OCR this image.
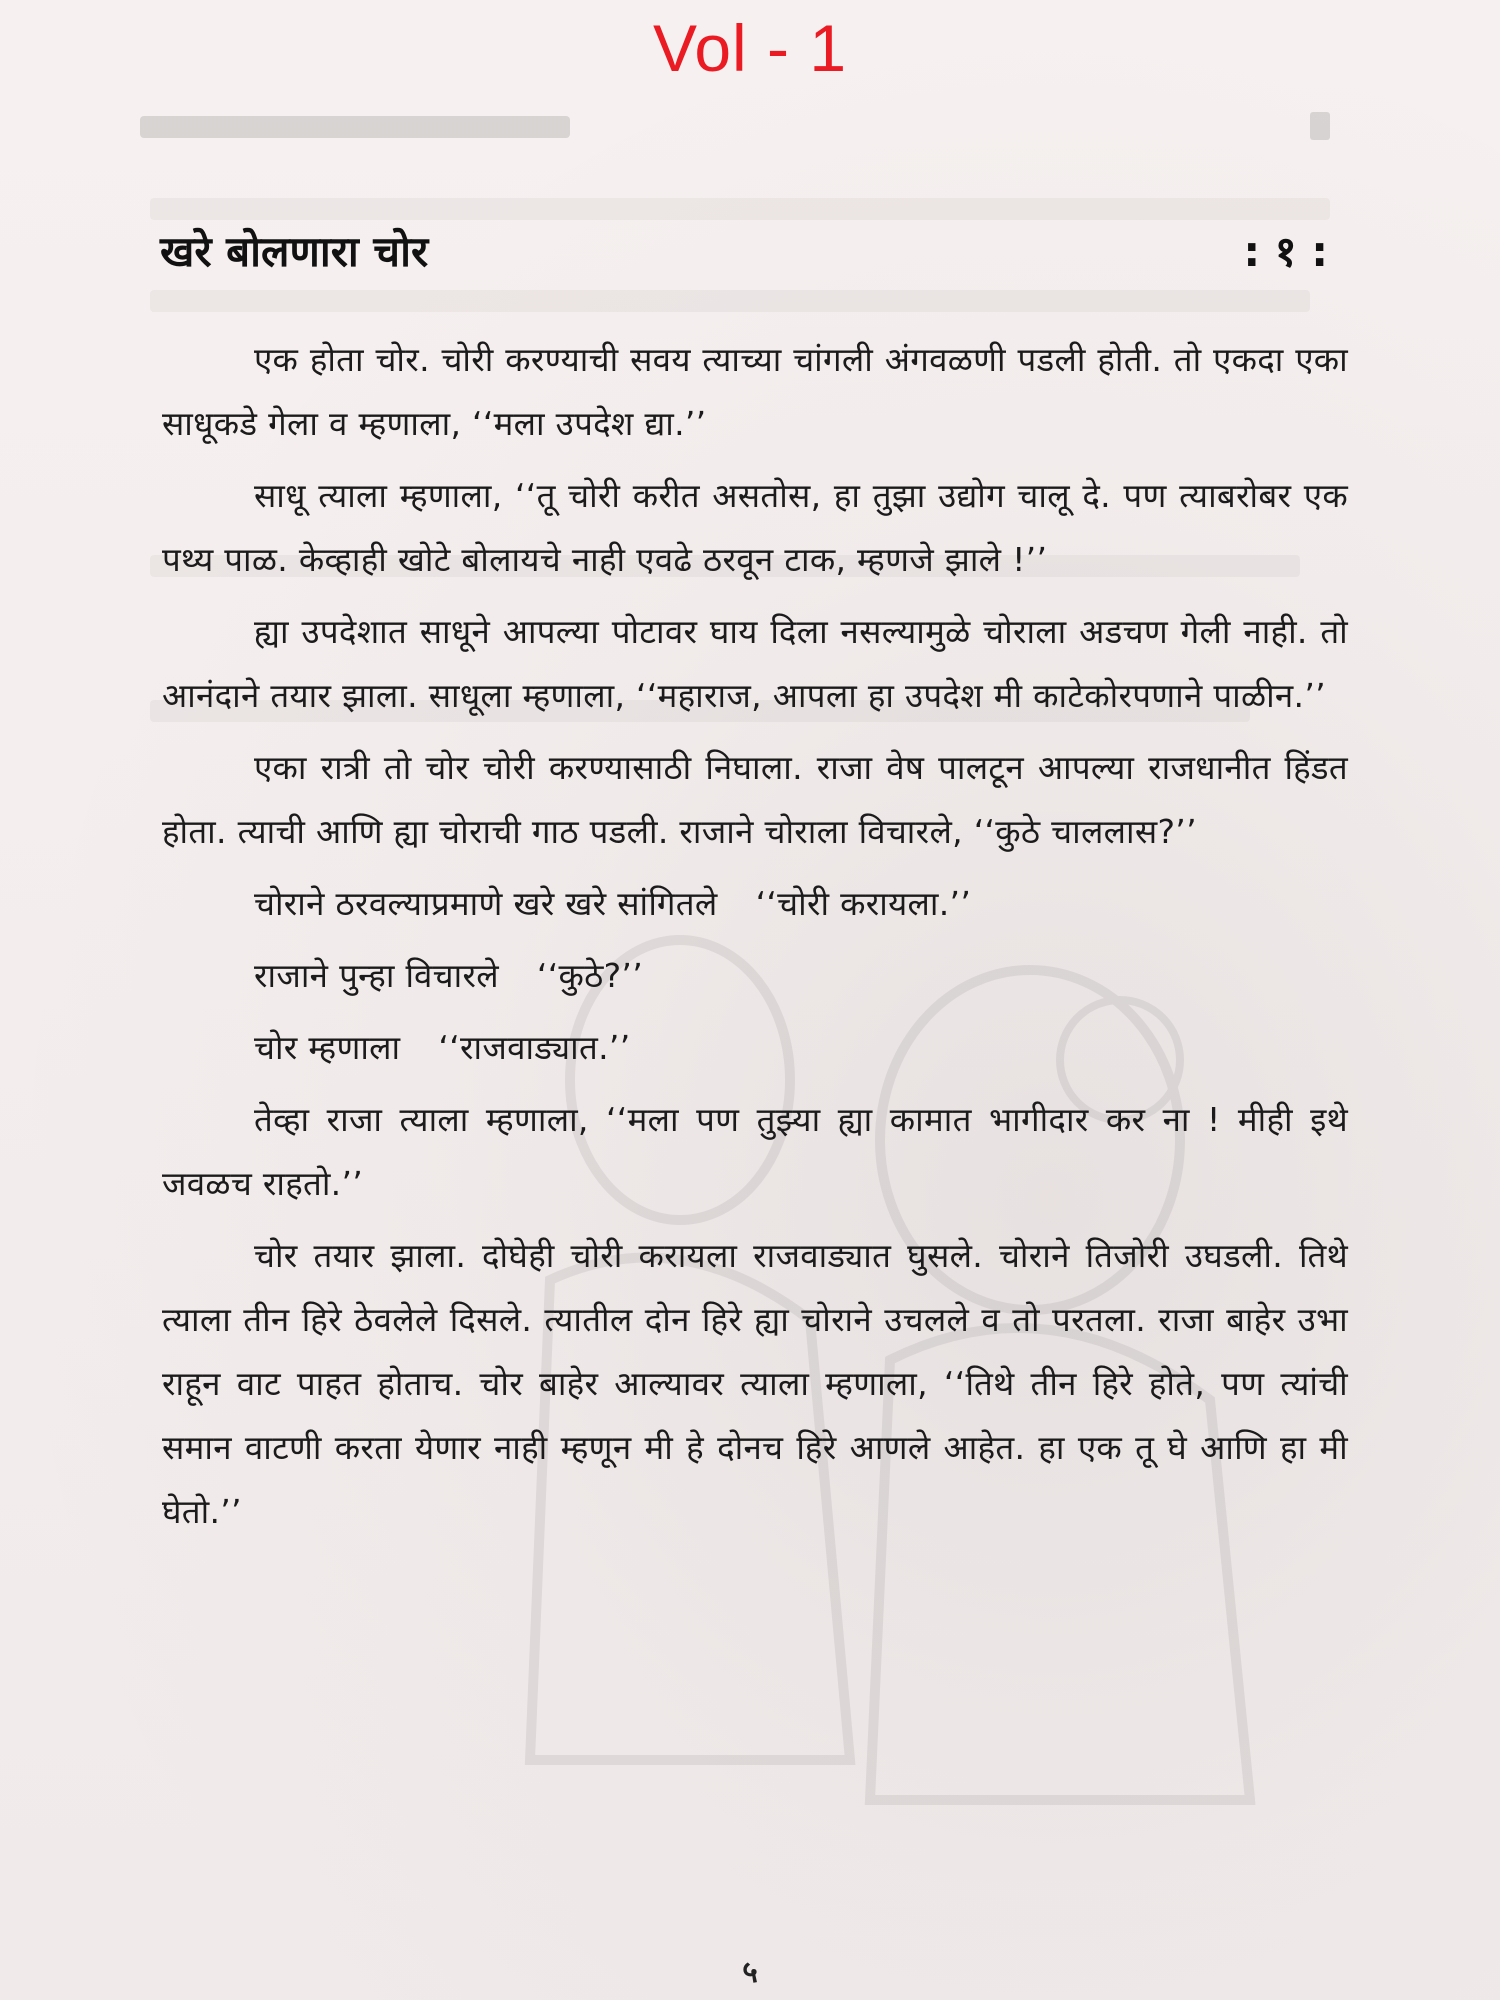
Vol - 1
खरे बोलणारा चोर	: १ :

एक होता चोर. चोरी करण्याची सवय त्याच्या चांगली अंगवळणी पडली होती. तो एकदा एका साधूकडे गेला व म्हणाला, ‘‘मला उपदेश द्या.’’

साधू त्याला म्हणाला, ‘‘तू चोरी करीत असतोस, हा तुझा उद्योग चालू दे. पण त्याबरोबर एक पथ्य पाळ. केव्हाही खोटे बोलायचे नाही एवढे ठरवून टाक, म्हणजे झाले !’’

ह्या उपदेशात साधूने आपल्या पोटावर घाय दिला नसल्यामुळे चोराला अडचण गेली नाही. तो आनंदाने तयार झाला. साधूला म्हणाला, ‘‘महाराज, आपला हा उपदेश मी काटेकोरपणाने पाळीन.’’

एका रात्री तो चोर चोरी करण्यासाठी निघाला. राजा वेष पालटून आपल्या राजधानीत हिंडत होता. त्याची आणि ह्या चोराची गाठ पडली. राजाने चोराला विचारले, ‘‘कुठे चाललास?’’

चोराने ठरवल्याप्रमाणे खरे खरे सांगितले ‘‘चोरी करायला.’’
राजाने पुन्हा विचारले ‘‘कुठे?’’
चोर म्हणाला ‘‘राजवाड्यात.’’

तेव्हा राजा त्याला म्हणाला, ‘‘मला पण तुझ्या ह्या कामात भागीदार कर ना ! मीही इथे जवळच राहतो.’’

चोर तयार झाला. दोघेही चोरी करायला राजवाड्यात घुसले. चोराने तिजोरी उघडली. तिथे त्याला तीन हिरे ठेवलेले दिसले. त्यातील दोन हिरे ह्या चोराने उचलले व तो परतला. राजा बाहेर उभा राहून वाट पाहत होताच. चोर बाहेर आल्यावर त्याला म्हणाला, ‘‘तिथे तीन हिरे होते, पण त्यांची समान वाटणी करता येणार नाही म्हणून मी हे दोनच हिरे आणले आहेत. हा एक तू घे आणि हा मी घेतो.’’

५
